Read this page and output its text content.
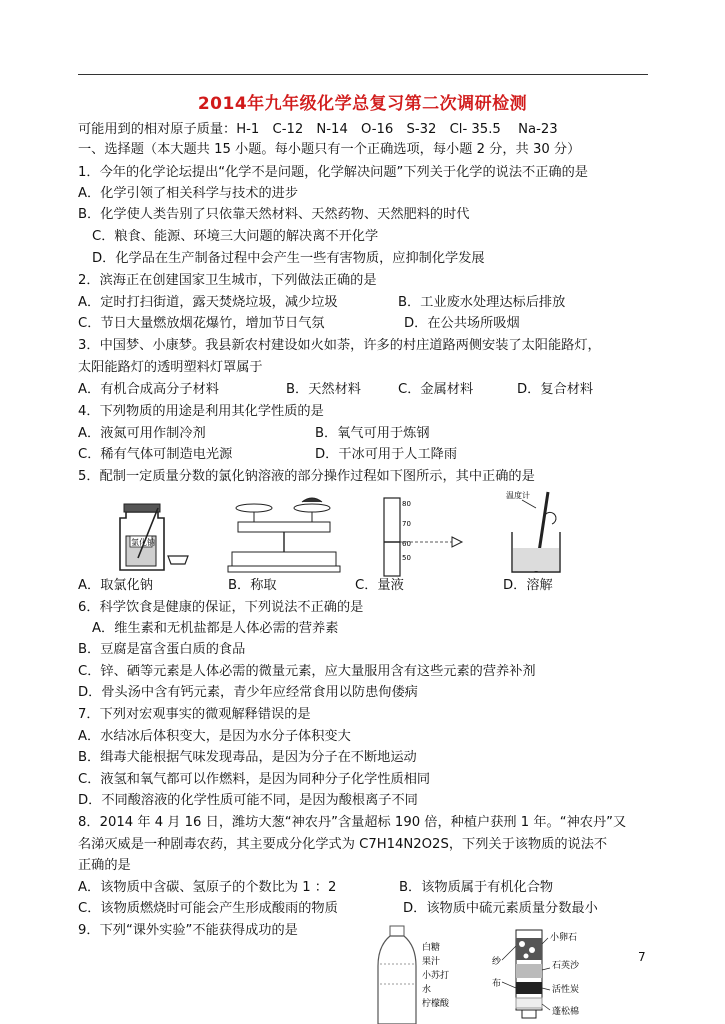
2014年九年级化学总复习第二次调研检测
可能用到的相对原子质量：H-1　C-12　N-14　O-16　S-32　Cl- 35.5　 Na-23
一、选择题（本大题共 15 小题。每小题只有一个正确选项，每小题 2 分，共 30 分）
1．今年的化学论坛提出“化学不是问题，化学解决问题”下列关于化学的说法不正确的是
A．化学引领了相关科学与技术的进步
B．化学使人类告别了只依靠天然材料、天然药物、天然肥料的时代
C．粮食、能源、环境三大问题的解决离不开化学
D．化学品在生产制备过程中会产生一些有害物质，应抑制化学发展
2．滨海正在创建国家卫生城市，下列做法正确的是
A．定时打扫街道，露天焚烧垃圾，减少垃圾	B．工业废水处理达标后排放
C．节日大量燃放烟花爆竹，增加节日气氛	D．在公共场所吸烟
3．中国梦、小康梦。我县新农村建设如火如荼，许多的村庄道路两侧安装了太阳能路灯，
太阳能路灯的透明塑料灯罩属于
A．有机合成高分子材料	B．天然材料	C．金属材料	D．复合材料
4．下列物质的用途是利用其化学性质的是
A．液氮可用作制冷剂	B．氧气可用于炼钢
C．稀有气体可制造电光源	D．干冰可用于人工降雨
5．配制一定质量分数的氯化钠溶液的部分操作过程如下图所示，其中正确的是
氯化钠
80
70
60
50
温度计
A．取氯化钠	B．称取	C．量液	D．溶解
6．科学饮食是健康的保证，下列说法不正确的是
A．维生素和无机盐都是人体必需的营养素
B．豆腐是富含蛋白质的食品
C．锌、硒等元素是人体必需的微量元素，应大量服用含有这些元素的营养补剂
D．骨头汤中含有钙元素，青少年应经常食用以防患佝偻病
7．下列对宏观事实的微观解释错误的是
A．水结冰后体积变大，是因为水分子体积变大
B．缉毒犬能根据气味发现毒品，是因为分子在不断地运动
C．液氢和氧气都可以作燃料，是因为同种分子化学性质相同
D．不同酸溶液的化学性质可能不同，是因为酸根离子不同
8．2014 年 4 月 16 日，潍坊大葱“神农丹”含量超标 190 倍，种植户获刑 1 年。“神农丹”又
名涕灭威是一种剧毒农药，其主要成分化学式为 C7H14N2O2S，下列关于该物质的说法不
正确的是
A．该物质中含碳、氢原子的个数比为 1 ：2	B．该物质属于有机化合物
C．该物质燃烧时可能会产生形成酸雨的物质	D．该物质中硫元素质量分数最小
9．下列“课外实验”不能获得成功的是
白糖
果汁
小苏打
水
柠檬酸
纱
布
小卵石
石英沙
活性炭
蓬松棉
7
